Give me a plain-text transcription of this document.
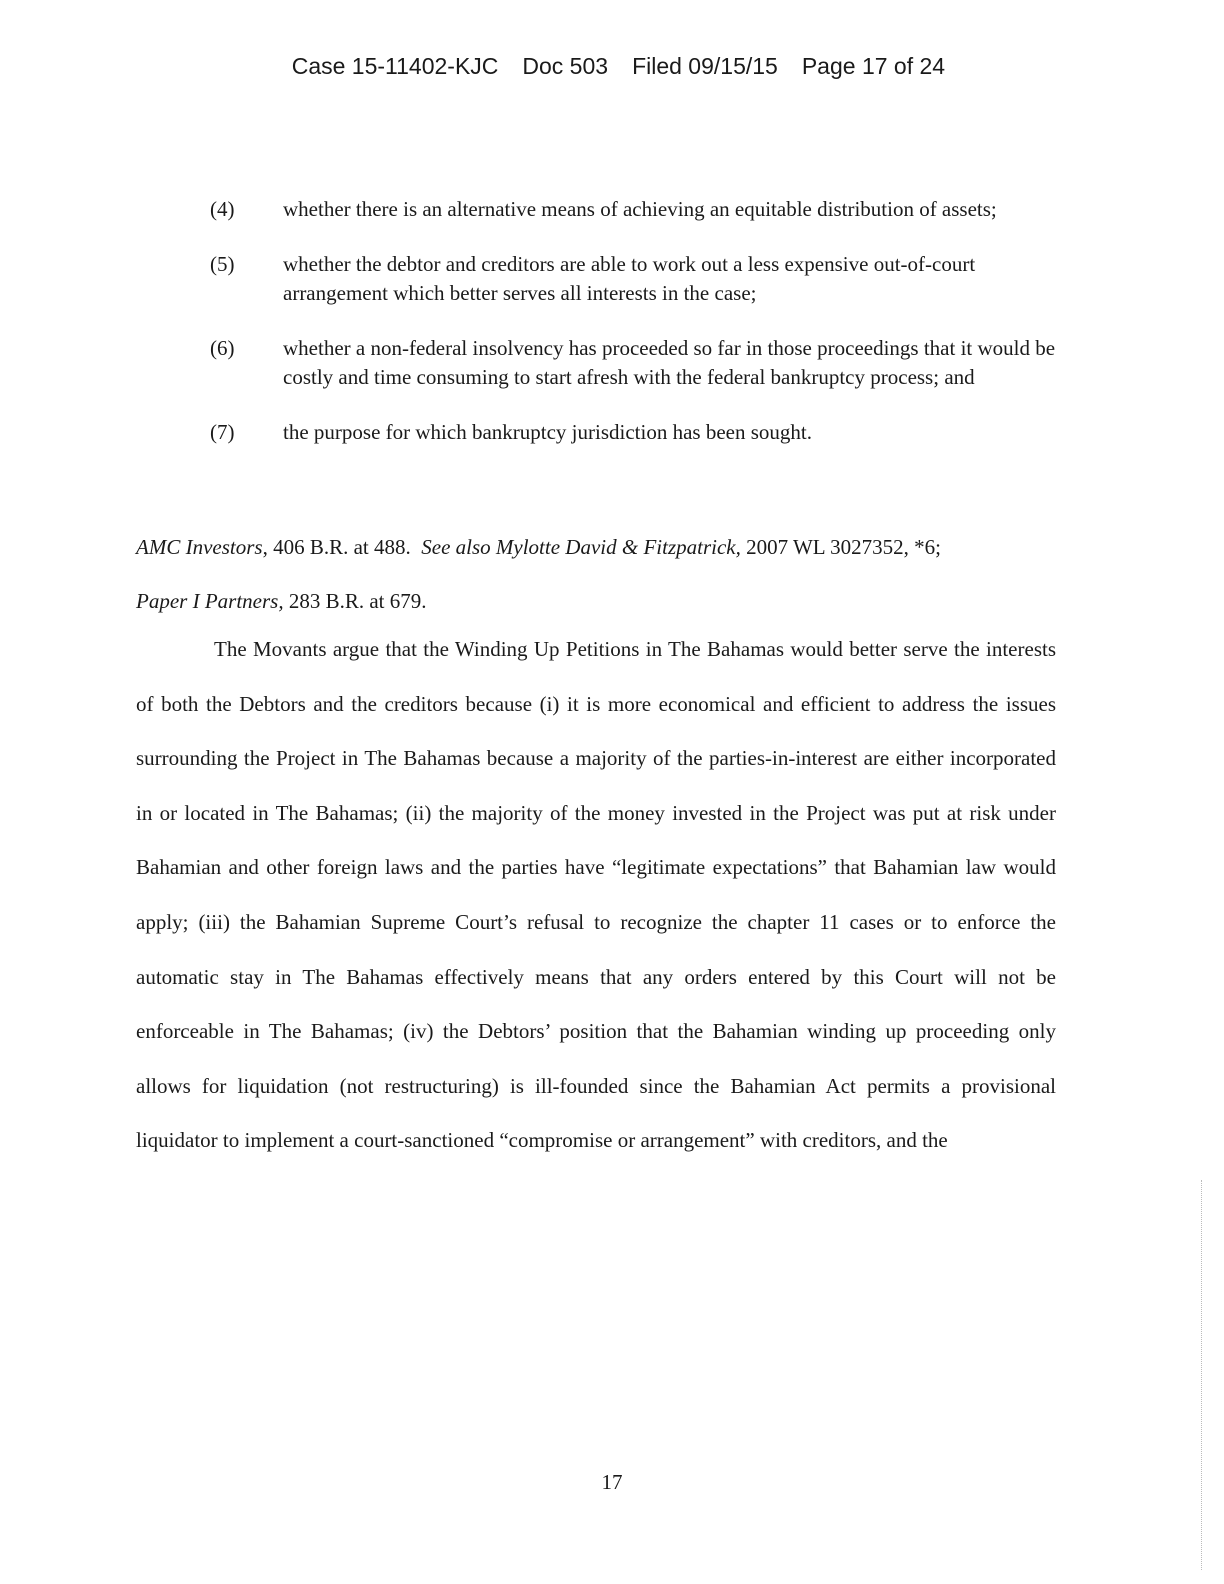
Case 15-11402-KJC Doc 503 Filed 09/15/15 Page 17 of 24

(4)	whether there is an alternative means of achieving an equitable distribution of assets;
(5)	whether the debtor and creditors are able to work out a less expensive out-of-court arrangement which better serves all interests in the case;
(6)	whether a non-federal insolvency has proceeded so far in those proceedings that it would be costly and time consuming to start afresh with the federal bankruptcy process; and
(7)	the purpose for which bankruptcy jurisdiction has been sought.
AMC Investors, 406 B.R. at 488. See also Mylotte David & Fitzpatrick, 2007 WL 3027352, *6;
Paper I Partners, 283 B.R. at 679.

The Movants argue that the Winding Up Petitions in The Bahamas would better serve the interests of both the Debtors and the creditors because (i) it is more economical and efficient to address the issues surrounding the Project in The Bahamas because a majority of the parties-in-interest are either incorporated in or located in The Bahamas; (ii) the majority of the money invested in the Project was put at risk under Bahamian and other foreign laws and the parties have “legitimate expectations” that Bahamian law would apply; (iii) the Bahamian Supreme Court’s refusal to recognize the chapter 11 cases or to enforce the automatic stay in The Bahamas effectively means that any orders entered by this Court will not be enforceable in The Bahamas; (iv) the Debtors’ position that the Bahamian winding up proceeding only allows for liquidation (not restructuring) is ill-founded since the Bahamian Act permits a provisional liquidator to implement a court-sanctioned “compromise or arrangement” with creditors, and the

17
